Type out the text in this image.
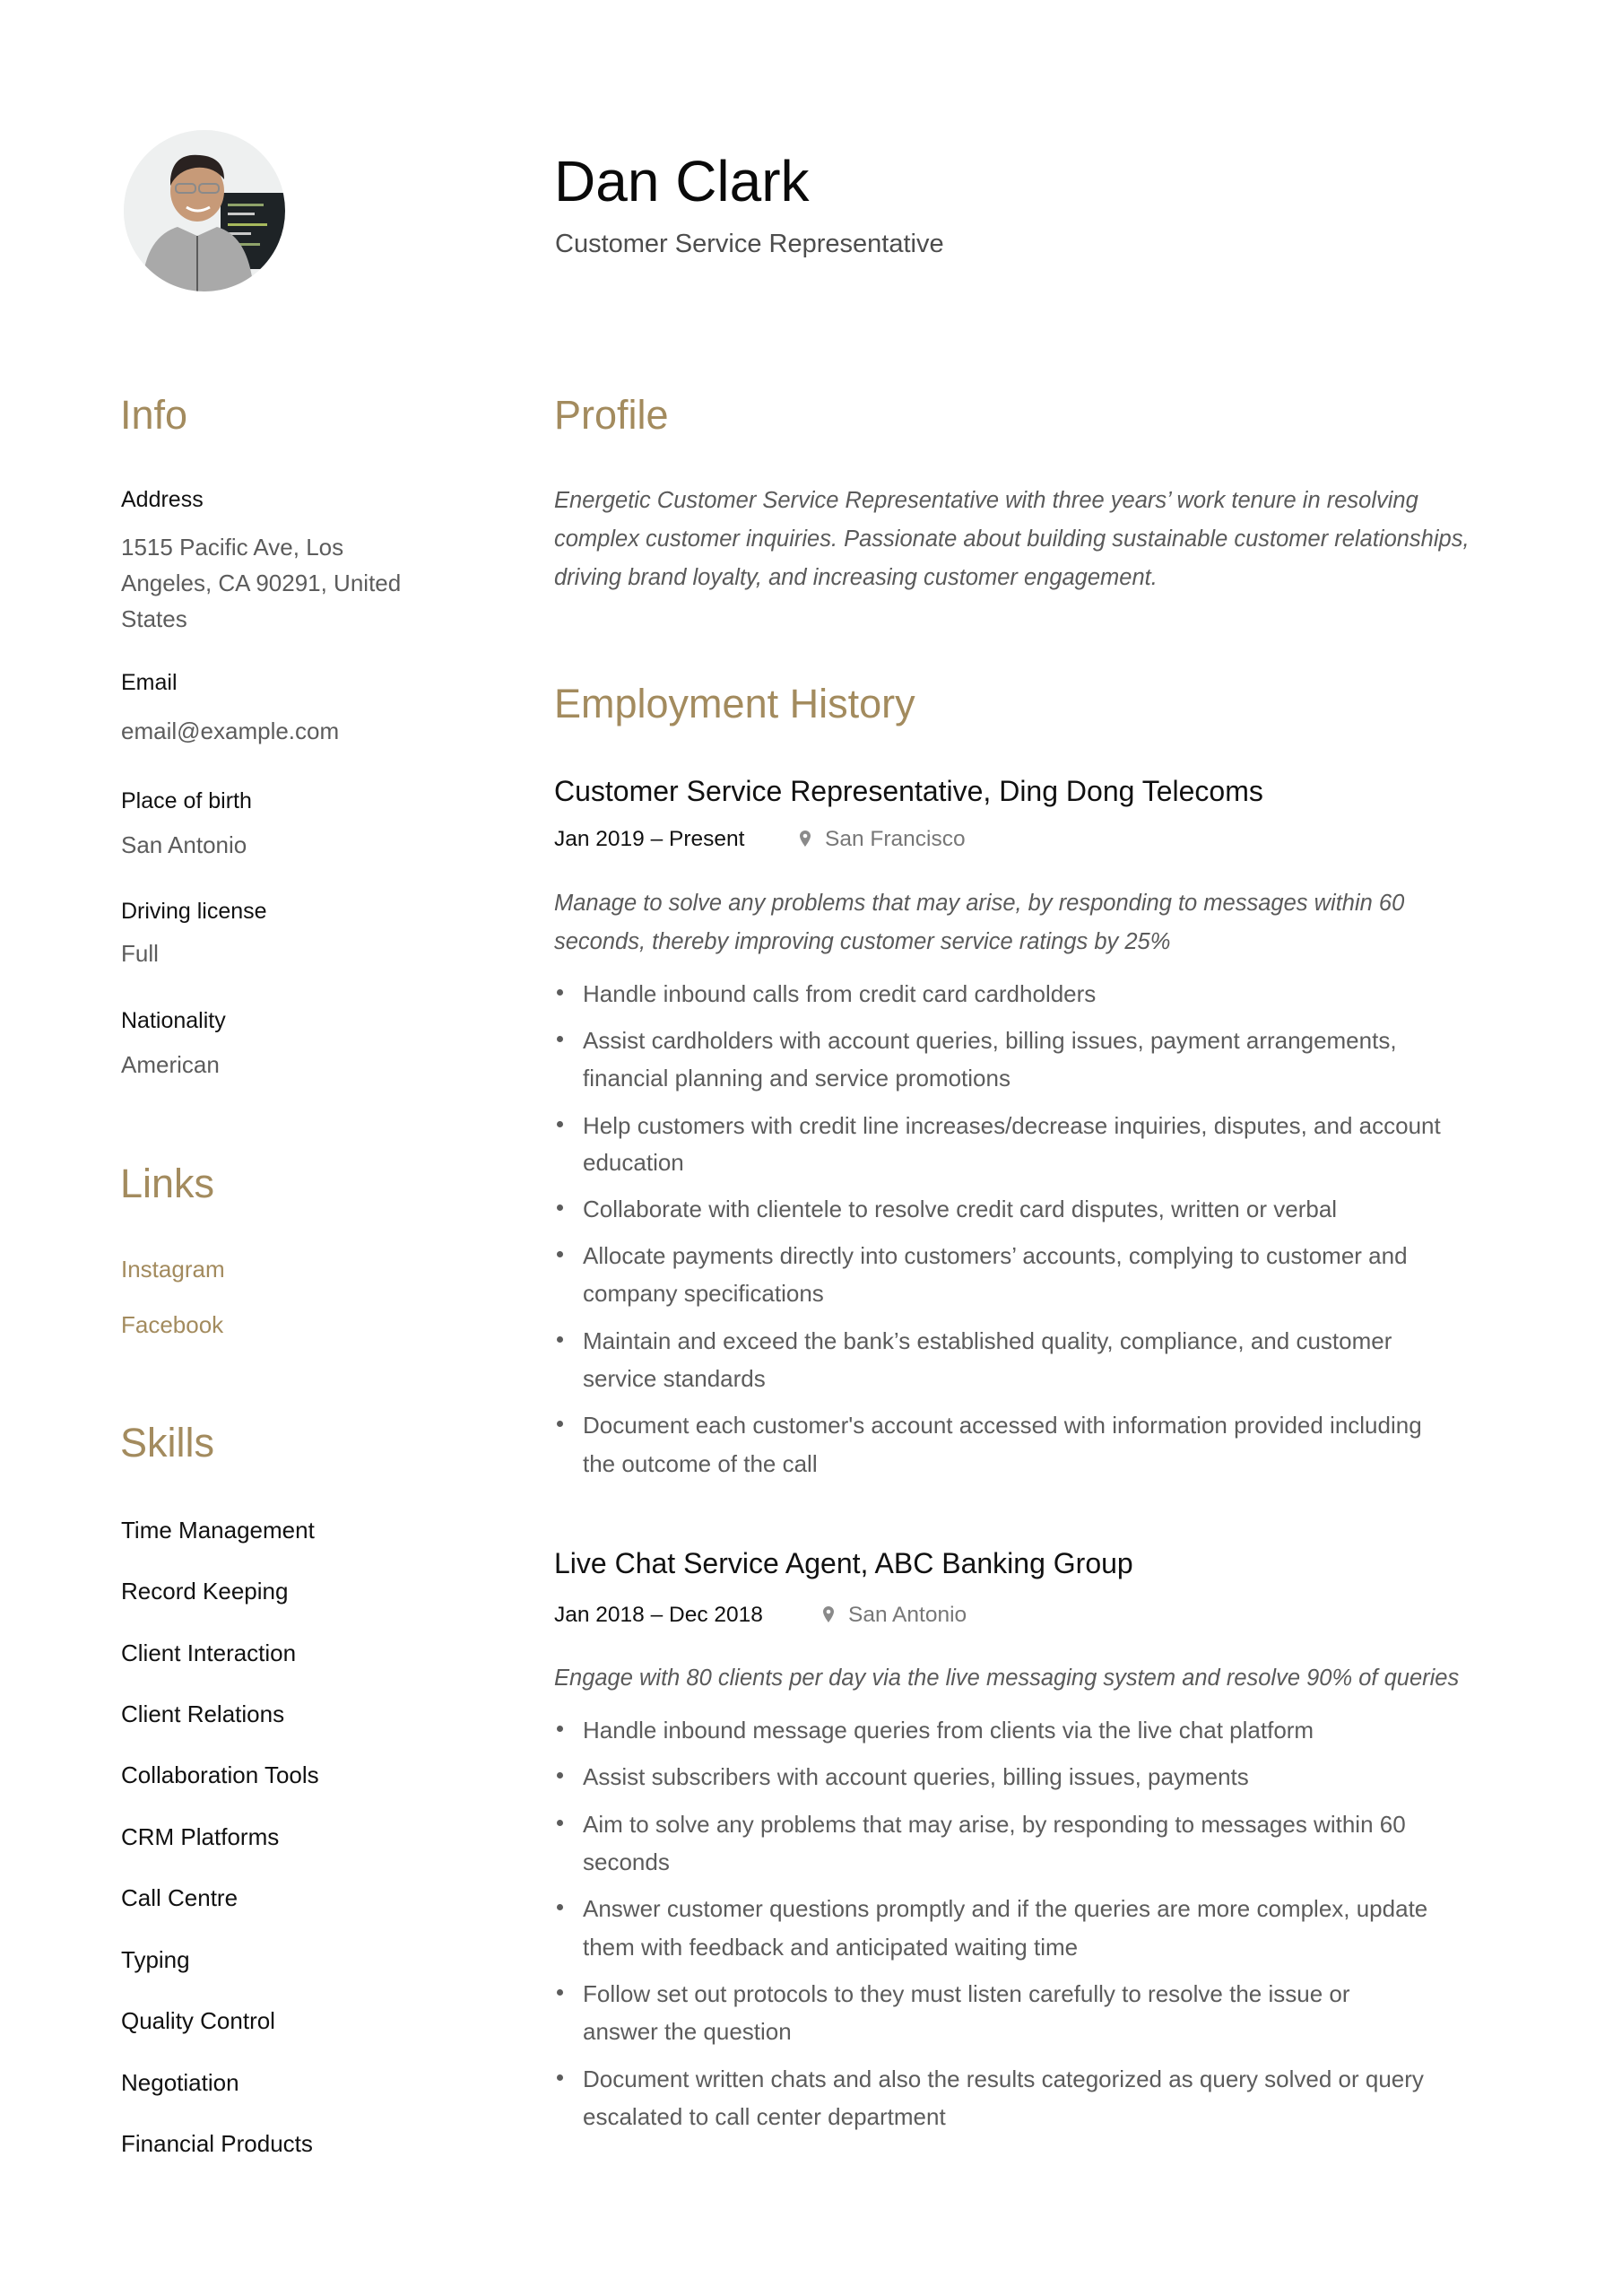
Dan Clark
Customer Service Representative
Info
Address
1515 Pacific Ave, Los
Angeles, CA 90291, United
States
Email
email@example.com
Place of birth
San Antonio
Driving license
Full
Nationality
American
Links
Instagram
Facebook
Skills
Time Management
Record Keeping
Client Interaction
Client Relations
Collaboration Tools
CRM Platforms
Call Centre
Typing
Quality Control
Negotiation
Financial Products
Profile
Energetic Customer Service Representative with three years’ work tenure in resolving
complex customer inquiries. Passionate about building sustainable customer relationships,
driving brand loyalty, and increasing customer engagement.
Employment History
Customer Service Representative, Ding Dong Telecoms
Jan 2019 – Present	San Francisco
Manage to solve any problems that may arise, by responding to messages within 60
seconds, thereby improving customer service ratings by 25%
Handle inbound calls from credit card cardholders
Assist cardholders with account queries, billing issues, payment arrangements,
financial planning and service promotions
Help customers with credit line increases/decrease inquiries, disputes, and account
education
Collaborate with clientele to resolve credit card disputes, written or verbal
Allocate payments directly into customers’ accounts, complying to customer and
company specifications
Maintain and exceed the bank’s established quality, compliance, and customer
service standards
Document each customer's account accessed with information provided including
the outcome of the call
Live Chat Service Agent, ABC Banking Group
Jan 2018 – Dec 2018	San Antonio
Engage with 80 clients per day via the live messaging system and resolve 90% of queries
Handle inbound message queries from clients via the live chat platform
Assist subscribers with account queries, billing issues, payments
Aim to solve any problems that may arise, by responding to messages within 60
seconds
Answer customer questions promptly and if the queries are more complex, update
them with feedback and anticipated waiting time
Follow set out protocols to they must listen carefully to resolve the issue or
answer the question
Document written chats and also the results categorized as query solved or query
escalated to call center department
